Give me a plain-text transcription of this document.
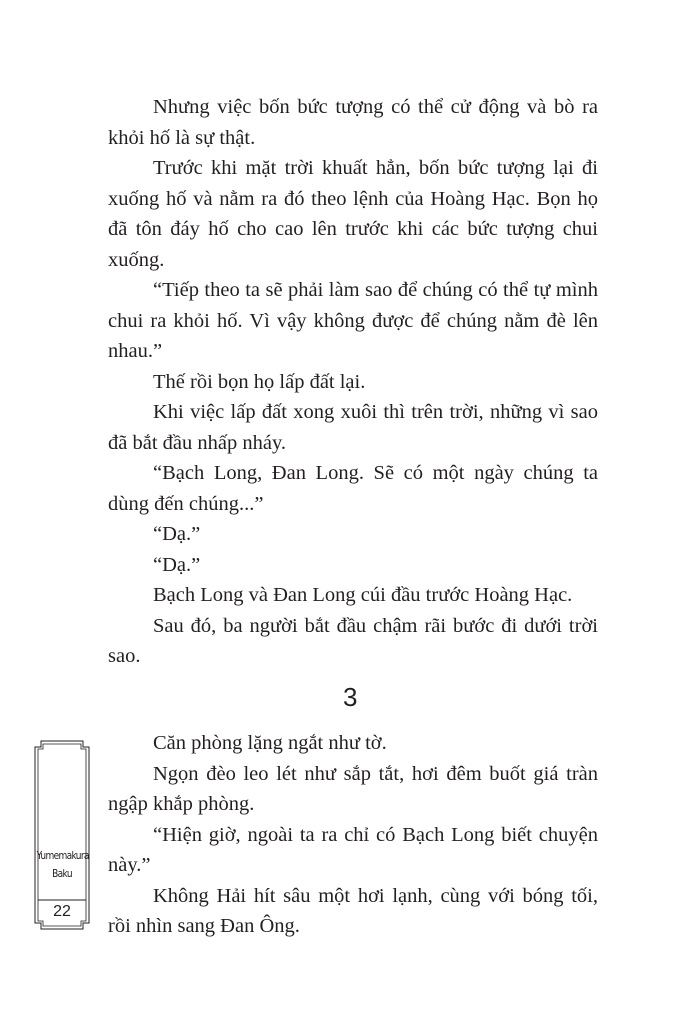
Nhưng việc bốn bức tượng có thể cử động và bò ra khỏi hố là sự thật.

Trước khi mặt trời khuất hẳn, bốn bức tượng lại đi xuống hố và nằm ra đó theo lệnh của Hoàng Hạc. Bọn họ đã tôn đáy hố cho cao lên trước khi các bức tượng chui xuống.

“Tiếp theo ta sẽ phải làm sao để chúng có thể tự mình chui ra khỏi hố. Vì vậy không được để chúng nằm đè lên nhau.”

Thế rồi bọn họ lấp đất lại.

Khi việc lấp đất xong xuôi thì trên trời, những vì sao đã bắt đầu nhấp nháy.

“Bạch Long, Đan Long. Sẽ có một ngày chúng ta dùng đến chúng...”

“Dạ.”

“Dạ.”

Bạch Long và Đan Long cúi đầu trước Hoàng Hạc.

Sau đó, ba người bắt đầu chậm rãi bước đi dưới trời sao.

3

Căn phòng lặng ngắt như tờ.

Ngọn đèo leo lét như sắp tắt, hơi đêm buốt giá tràn ngập khắp phòng.

“Hiện giờ, ngoài ta ra chỉ có Bạch Long biết chuyện này.”

Không Hải hít sâu một hơi lạnh, cùng với bóng tối, rồi nhìn sang Đan Ông.

Yumemakura
Baku
22
